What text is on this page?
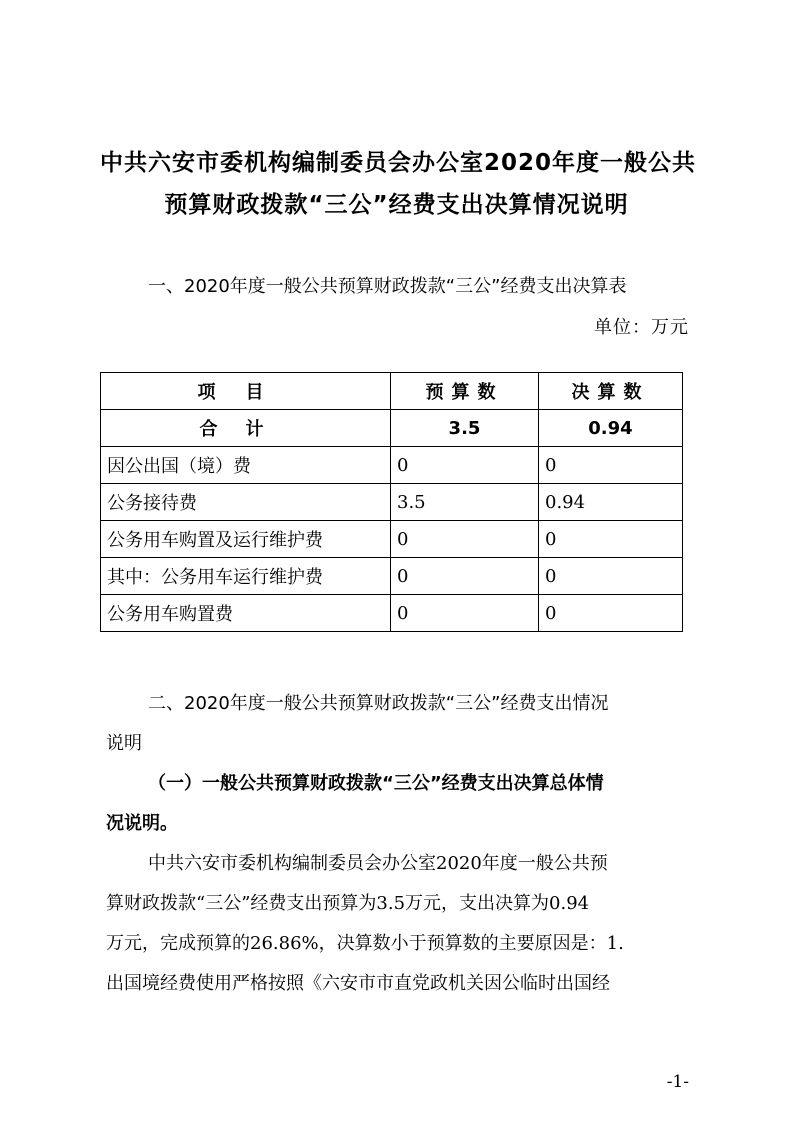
中共六安市委机构编制委员会办公室2020年度一般公共
预算财政拨款“三公”经费支出决算情况说明
一、2020年度一般公共预算财政拨款“三公”经费支出决算表
单位：万元
项目	预算数	决算数
合计	3.5	0.94
因公出国（境）费	0	0
公务接待费	3.5	0.94
公务用车购置及运行维护费	0	0
其中：公务用车运行维护费	0	0
公务用车购置费	0	0
二、2020年度一般公共预算财政拨款“三公”经费支出情况
说明
（一）一般公共预算财政拨款“三公”经费支出决算总体情
况说明。
中共六安市委机构编制委员会办公室2020年度一般公共预
算财政拨款“三公”经费支出预算为3.5万元，支出决算为0.94
万元，完成预算的26.86%，决算数小于预算数的主要原因是：1.
出国境经费使用严格按照《六安市市直党政机关因公临时出国经
-1-
